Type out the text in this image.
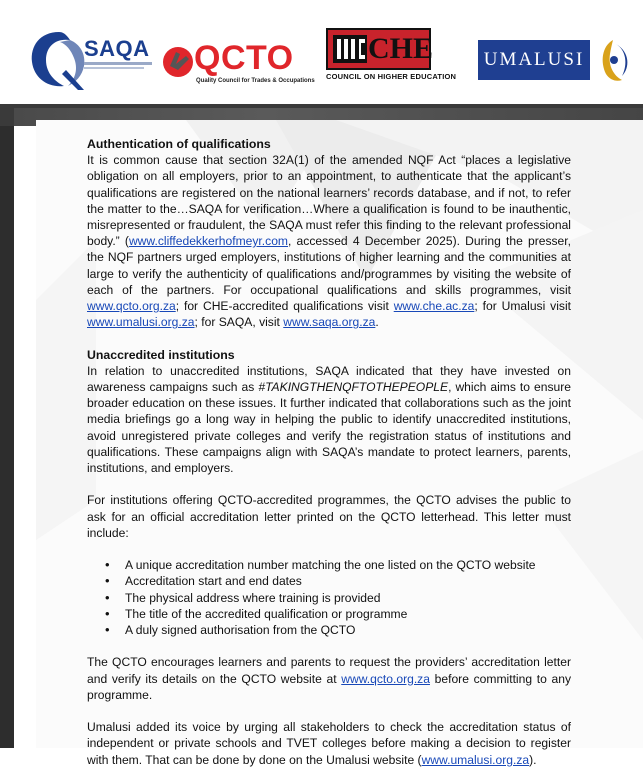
SAQA QCTO
Quality Council for Trades & Occupations
CHE
COUNCIL ON HIGHER EDUCATION
UMALUSI
Authentication of qualifications

It is common cause that section 32A(1) of the amended NQF Act “places a legislative obligation on all employers, prior to an appointment, to authenticate that the applicant’s qualifications are registered on the national learners’ records database, and if not, to refer the matter to the…SAQA for verification…Where a qualification is found to be inauthentic, misrepresented or fraudulent, the SAQA must refer this finding to the relevant professional body.” (www.cliffedekkerhofmeyr.com, accessed 4 December 2025). During the presser, the NQF partners urged employers, institutions of higher learning and the communities at large to verify the authenticity of qualifications and/programmes by visiting the website of each of the partners. For occupational qualifications and skills programmes, visit www.qcto.org.za; for CHE-accredited qualifications visit www.che.ac.za; for Umalusi visit www.umalusi.org.za; for SAQA, visit www.saqa.org.za.

Unaccredited institutions

In relation to unaccredited institutions, SAQA indicated that they have invested on awareness campaigns such as #TAKINGTHENQFTOTHEPEOPLE, which aims to ensure broader education on these issues. It further indicated that collaborations such as the joint media briefings go a long way in helping the public to identify unaccredited institutions, avoid unregistered private colleges and verify the registration status of institutions and qualifications. These campaigns align with SAQA’s mandate to protect learners, parents, institutions, and employers.

For institutions offering QCTO-accredited programmes, the QCTO advises the public to ask for an official accreditation letter printed on the QCTO letterhead. This letter must include:

• A unique accreditation number matching the one listed on the QCTO website
• Accreditation start and end dates
• The physical address where training is provided
• The title of the accredited qualification or programme
• A duly signed authorisation from the QCTO

The QCTO encourages learners and parents to request the providers’ accreditation letter and verify its details on the QCTO website at www.qcto.org.za before committing to any programme.

Umalusi added its voice by urging all stakeholders to check the accreditation status of independent or private schools and TVET colleges before making a decision to register with them. That can be done by done on the Umalusi website (www.umalusi.org.za).
